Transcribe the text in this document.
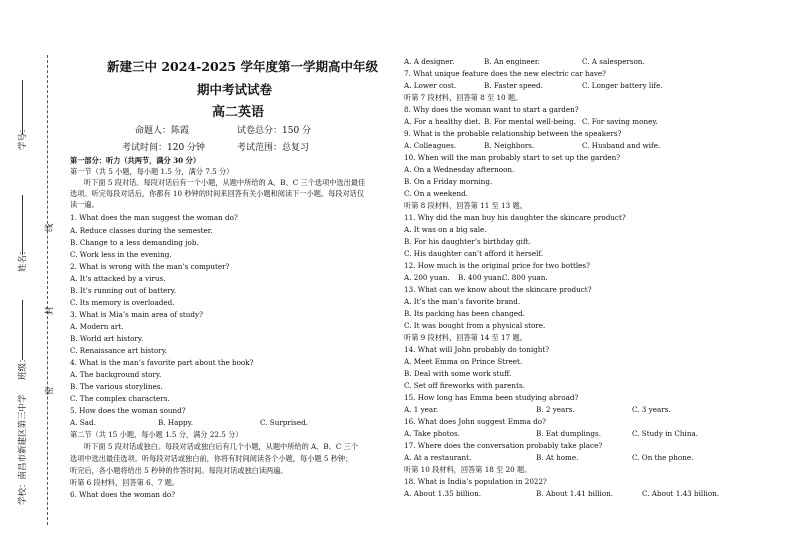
学校：南昌市新建区第三中学
姓名：
学号：
密
封
线
新建三中 2024-2025 学年度第一学期高中年级
期中考试试卷
高二英语
命题人：陈霞	试卷总分：150 分
考试时间：120 分钟	考试范围：总复习
第一部分：听力（共两节，满分 30 分）
第一节（共 5 小题，每小题 1.5 分，满分 7.5 分）
听下面 5 段对话。每段对话后有一个小题，从题中所给的 A、B、C 三个选项中选出最佳
选项。听完每段对话后，你都有 10 秒钟的时间来回答有关小题和阅读下一小题。每段对话仅
读一遍。
1. What does the man suggest the woman do?
A. Reduce classes during the semester.
B. Change to a less demanding job.
C. Work less in the evening.
2. What is wrong with the man’s computer?
A. It’s attacked by a virus.
B. It’s running out of battery.
C. Its memory is overloaded.
3. What is Mia’s main area of study?
A. Modern art.
B. World art history.
C. Renaissance art history.
4. What is the man’s favorite part about the book?
A. The background story.
B. The various storylines.
C. The complex characters.
5. How does the woman sound?
A. Sad.	B. Happy.	C. Surprised.
第二节（共 15 小题，每小题 1.5 分，满分 22.5 分）
听下面 5 段对话或独白。每段对话或独白后有几个小题，从题中所给的 A、B、C 三个
选项中选出最佳选项。听每段对话或独白前，你将有时间阅读各个小题，每小题 5 秒钟；
听完后，各小题将给出 5 秒钟的作答时间。每段对话或独白读两遍。
听第 6 段材料，回答第 6、7 题。
6. What does the woman do?
A. A designer.	B. An engineer.	C. A salesperson.
7. What unique feature does the new electric car have?
A. Lower cost.	B. Faster speed.	C. Longer battery life.
听第 7 段材料，回答第 8 至 10 题。
8. Why does the woman want to start a garden?
A. For a healthy diet. B. For mental well-being. C. For saving money.
9. What is the probable relationship between the speakers?
A. Colleagues.	B. Neighbors.	C. Husband and wife.
10. When will the man probably start to set up the garden?
A. On a Wednesday afternoon.
B. On a Friday morning.
C. On a weekend.
听第 8 段材料，回答第 11 至 13 题。
11. Why did the man buy his daughter the skincare product?
A. It was on a big sale.
B. For his daughter’s birthday gift.
C. His daughter can’t afford it herself.
12. How much is the original price for two bottles?
A. 200 yuan. B. 400 yuan.
C. 800 yuan.
13. What can we know about the skincare product?
A. It’s the man’s favorite brand.
B. Its packing has been changed.
C. It was bought from a physical store.
听第 9 段材料，回答第 14 至 17 题。
14. What will John probably do tonight?
A. Meet Emma on Prince Street.
B. Deal with some work stuff.
C. Set off fireworks with parents.
15. How long has Emma been studying abroad?
A. 1 year.	B. 2 years.	C. 3 years.
16. What does John suggest Emma do?
A. Take photos.	B. Eat dumplings.	C. Study in China.
17. Where does the conversation probably take place?
A. At a restaurant.	B. At home.	C. On the phone.
听第 10 段材料，回答第 18 至 20 题。
18. What is India’s population in 2022?
A. About 1.35 billion.	B. About 1.41 billion.	C. About 1.43 billion.
班级：
